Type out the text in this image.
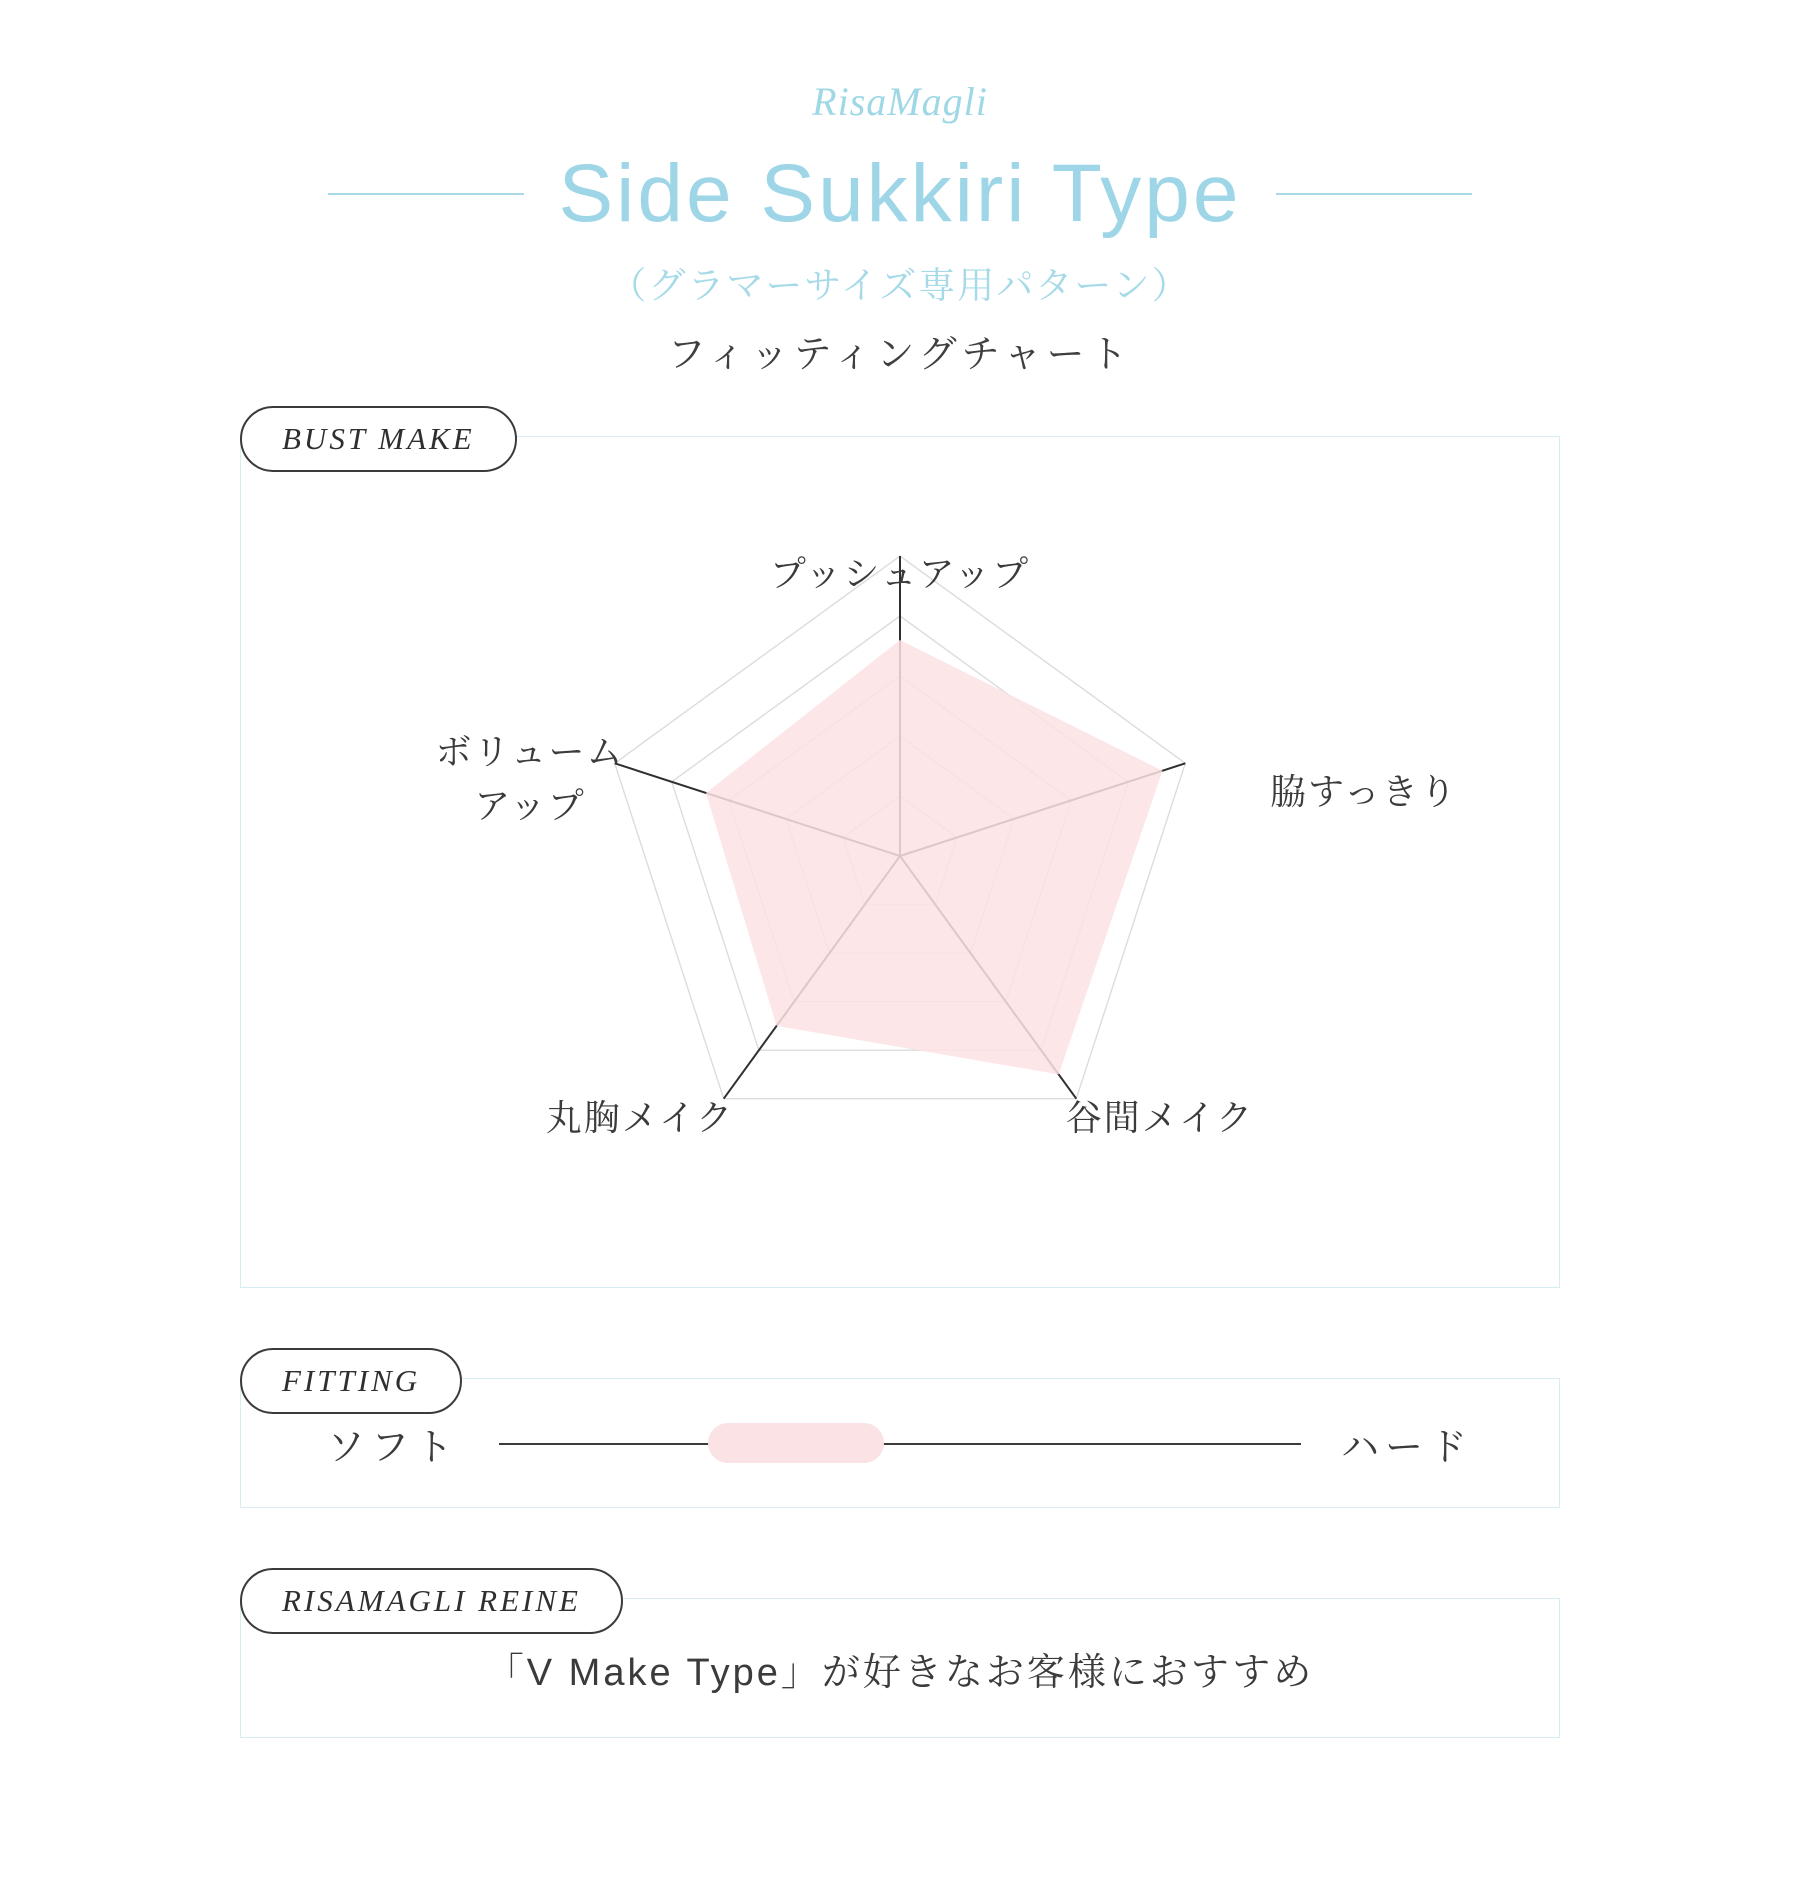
RisaMagli
Side Sukkiri Type
（グラマーサイズ専用パターン）
フィッティングチャート
BUST MAKE
プッシュアップ
脇すっきり
谷間メイク
丸胸メイク
ボリューム
アップ
ソフト	ハード
FITTING
「V Make Type」が好きなお客様におすすめ
RISAMAGLI REINE
